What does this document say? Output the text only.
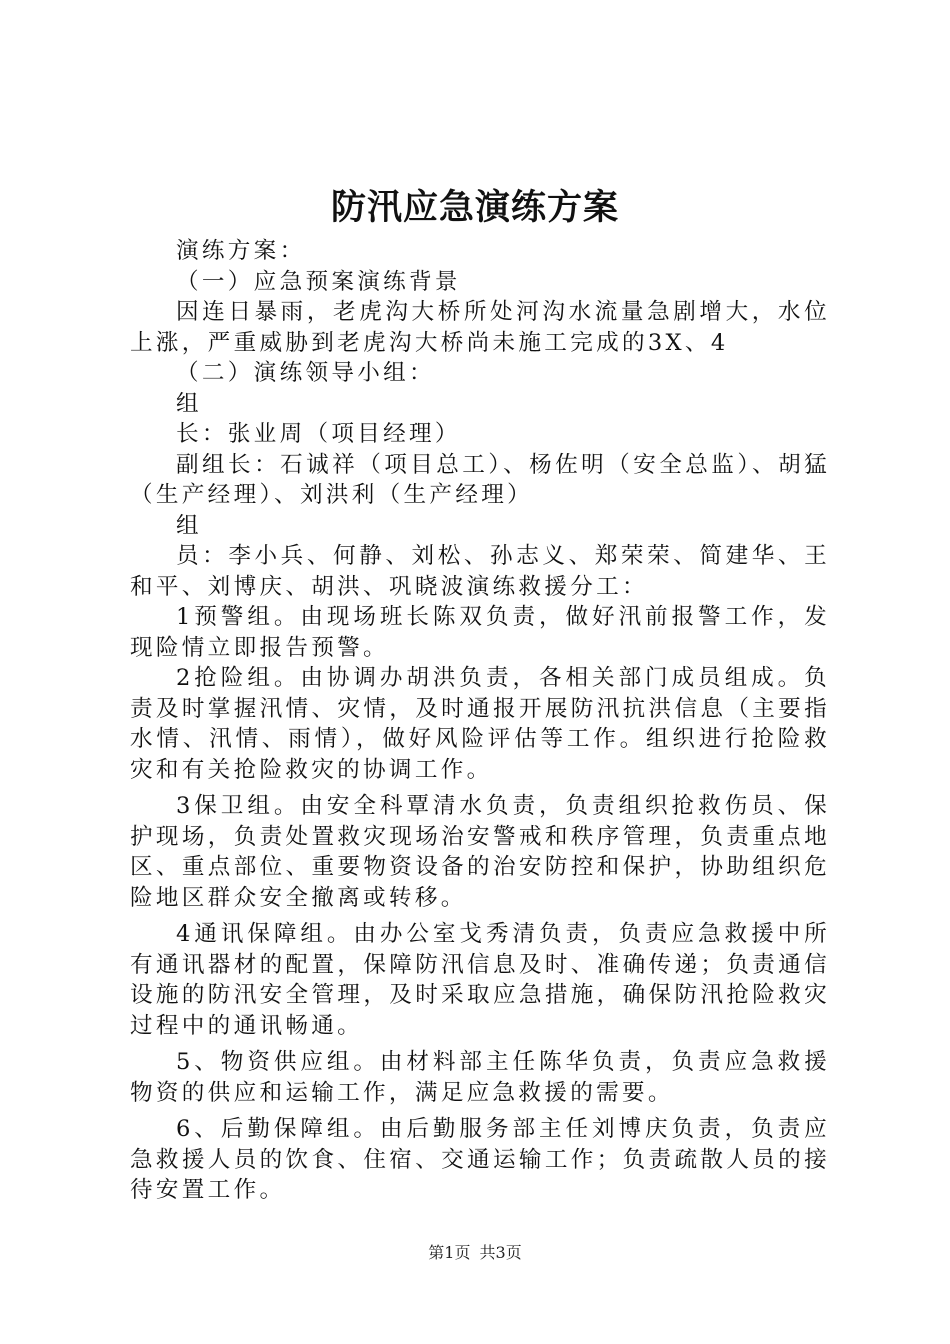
防汛应急演练方案

演练方案：

（一）应急预案演练背景

因连日暴雨，老虎沟大桥所处河沟水流量急剧增大，水位上涨，严重威胁到老虎沟大桥尚未施工完成的3X、4

（二）演练领导小组：

组

长：张业周（项目经理）

副组长：石诚祥（项目总工）、杨佐明（安全总监）、胡猛（生产经理）、刘洪利（生产经理）

组

员：李小兵、何静、刘松、孙志义、郑荣荣、简建华、王和平、刘博庆、胡洪、巩晓波演练救援分工：

1预警组。由现场班长陈双负责，做好汛前报警工作，发现险情立即报告预警。

2抢险组。由协调办胡洪负责，各相关部门成员组成。负责及时掌握汛情、灾情，及时通报开展防汛抗洪信息（主要指水情、汛情、雨情），做好风险评估等工作。组织进行抢险救灾和有关抢险救灾的协调工作。

3保卫组。由安全科覃清水负责，负责组织抢救伤员、保护现场，负责处置救灾现场治安警戒和秩序管理，负责重点地区、重点部位、重要物资设备的治安防控和保护，协助组织危险地区群众安全撤离或转移。

4通讯保障组。由办公室戈秀清负责，负责应急救援中所有通讯器材的配置，保障防汛信息及时、准确传递；负责通信设施的防汛安全管理，及时采取应急措施，确保防汛抢险救灾过程中的通讯畅通。

5、物资供应组。由材料部主任陈华负责，负责应急救援物资的供应和运输工作，满足应急救援的需要。

6、后勤保障组。由后勤服务部主任刘博庆负责，负责应急救援人员的饮食、住宿、交通运输工作；负责疏散人员的接待安置工作。

第1页 共3页
